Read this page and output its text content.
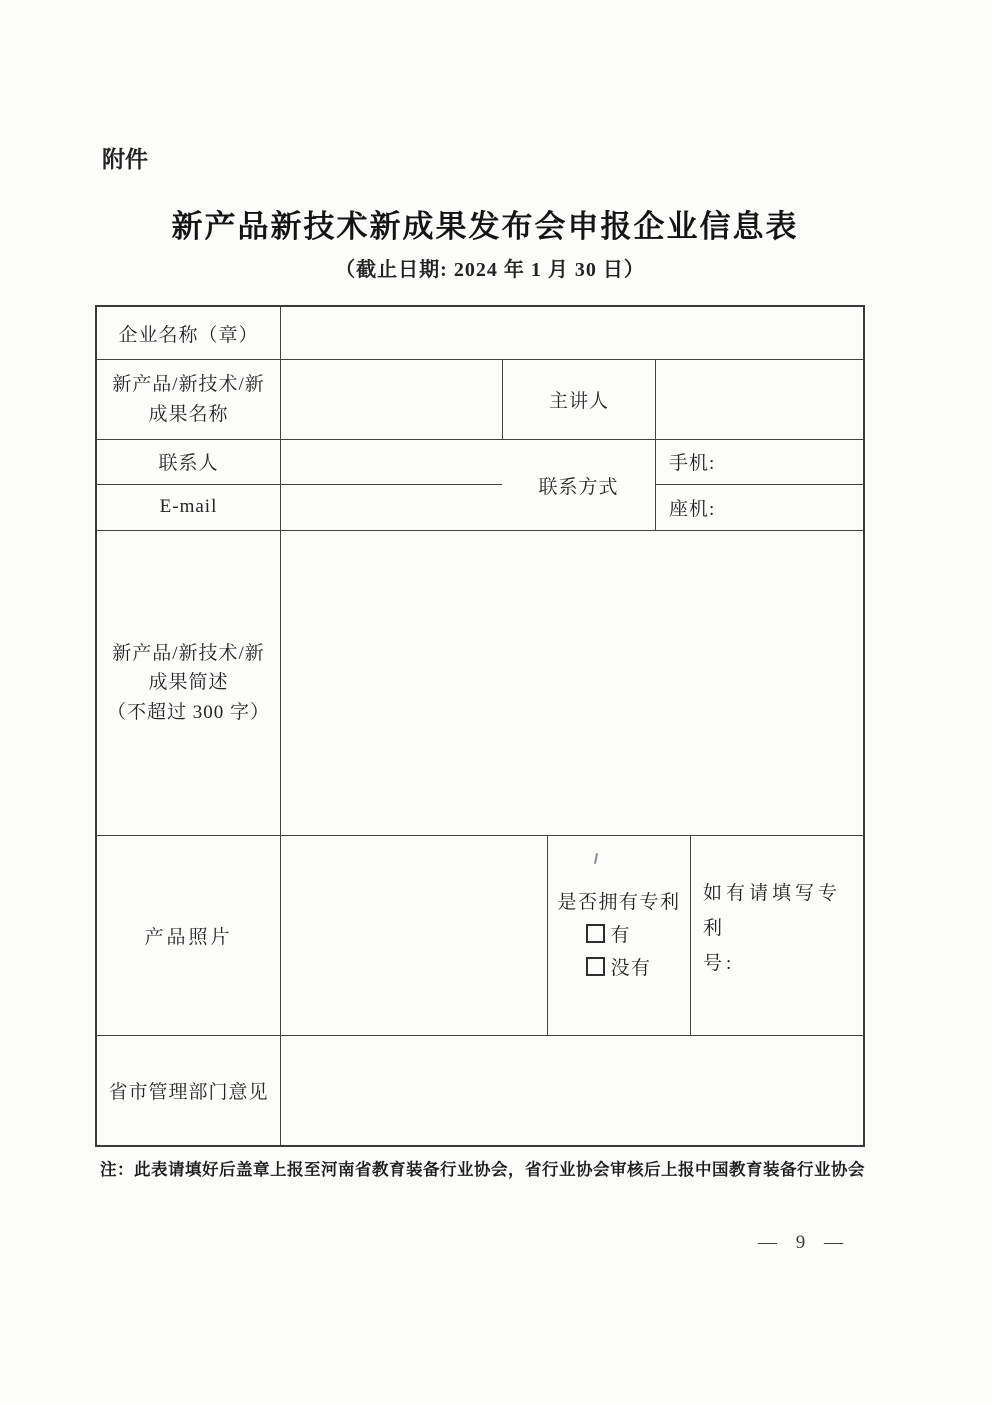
附件
新产品新技术新成果发布会申报企业信息表
（截止日期: 2024 年 1 月 30 日）
企业名称（章）
新产品/新技术/新
成果名称
主讲人
联系人
E-mail
联系方式
手机:
座机:
新产品/新技术/新
成果简述
（不超过 300 字）
产品照片
是否拥有专利
有
没有
如有请填写专利
号:
省市管理部门意见
注：此表请填好后盖章上报至河南省教育装备行业协会，省行业协会审核后上报中国教育装备行业协会
— 9 —
